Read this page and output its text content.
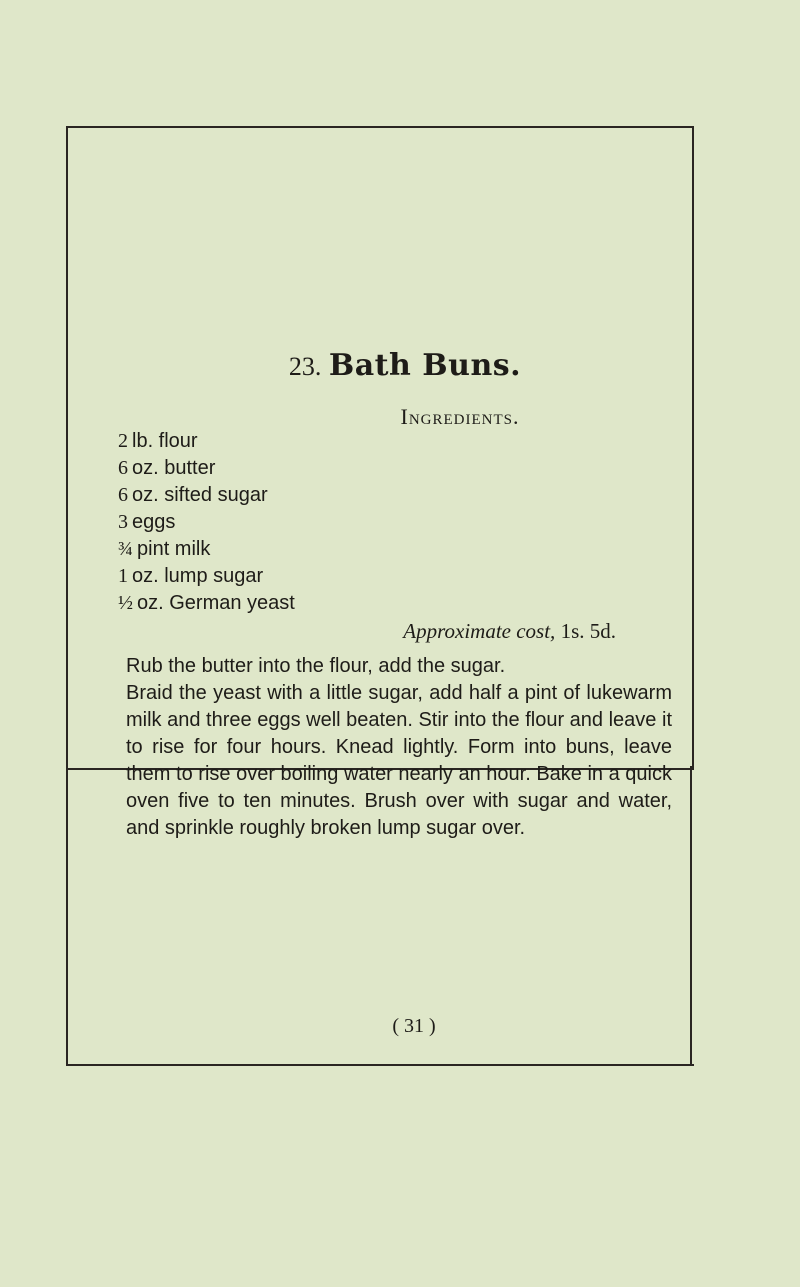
23. Bath Buns.
Ingredients.
2 lb. flour
6 oz. butter
6 oz. sifted sugar
3 eggs
¾ pint milk
1 oz. lump sugar
½ oz. German yeast
Approximate cost, 1s. 5d.

Rub the butter into the flour, add the sugar.

Braid the yeast with a little sugar, add half a pint of lukewarm milk and three eggs well beaten. Stir into the flour and leave it to rise for four hours. Knead lightly. Form into buns, leave them to rise over boiling water nearly an hour. Bake in a quick oven five to ten minutes. Brush over with sugar and water, and sprinkle roughly broken lump sugar over.

( 31 )
